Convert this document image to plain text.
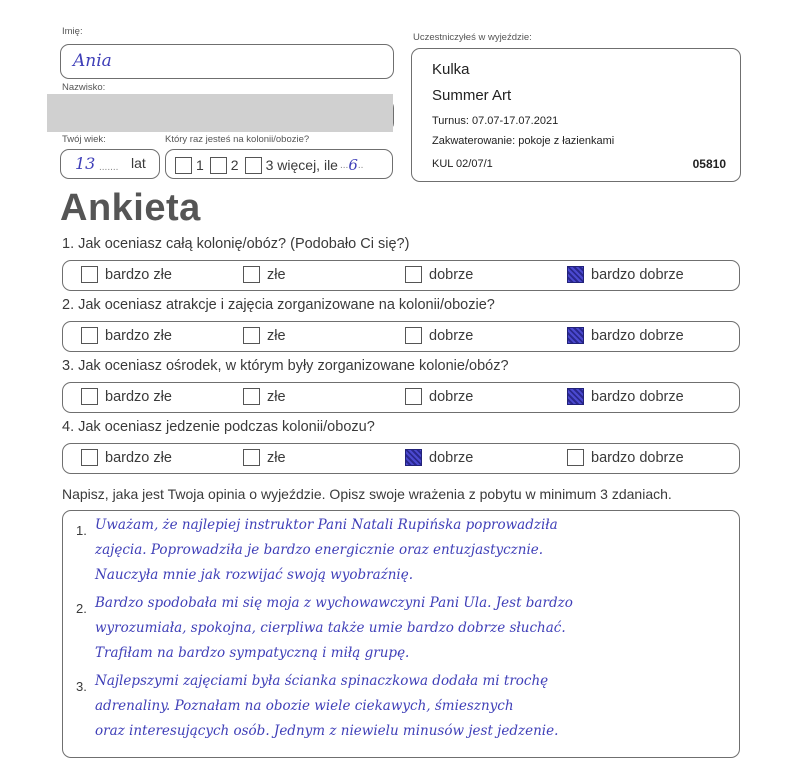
Imię:
Ania
Nazwisko:
Twój wiek:	Który raz jesteś na kolonii/obozie?
13 ....... lat	1 2 3 więcej, ile ... 6 ..
Uczestniczyłeś w wyjeździe:
Kulka
Summer Art
Turnus: 07.07-17.07.2021
Zakwaterowanie: pokoje z łazienkami
KUL 02/07/1	05810
Ankieta
1. Jak oceniasz całą kolonię/obóz? (Podobało Ci się?)
bardzo złe	złe	dobrze	bardzo dobrze
2. Jak oceniasz atrakcje i zajęcia zorganizowane na kolonii/obozie?
bardzo złe	złe	dobrze	bardzo dobrze
3. Jak oceniasz ośrodek, w którym były zorganizowane kolonie/obóz?
bardzo złe	złe	dobrze	bardzo dobrze
4. Jak oceniasz jedzenie podczas kolonii/obozu?
bardzo złe	złe	dobrze	bardzo dobrze
Napisz, jaka jest Twoja opinia o wyjeździe. Opisz swoje wrażenia z pobytu w minimum 3 zdaniach.
1.
2.
3.
Uważam, że najlepiej instruktor Pani Natali Rupińska poprowadziła
zajęcia. Poprowadziła je bardzo energicznie oraz entuzjastycznie.
Nauczyła mnie jak rozwijać swoją wyobraźnię.
Bardzo spodobała mi się moja z wychowawczyni Pani Ula. Jest bardzo
wyrozumiała, spokojna, cierpliwa także umie bardzo dobrze słuchać.
Trafiłam na bardzo sympatyczną i miłą grupę.
Najlepszymi zajęciami była ścianka spinaczkowa dodała mi trochę
adrenaliny. Poznałam na obozie wiele ciekawych, śmiesznych
oraz interesujących osób. Jednym z niewielu minusów jest jedzenie.
